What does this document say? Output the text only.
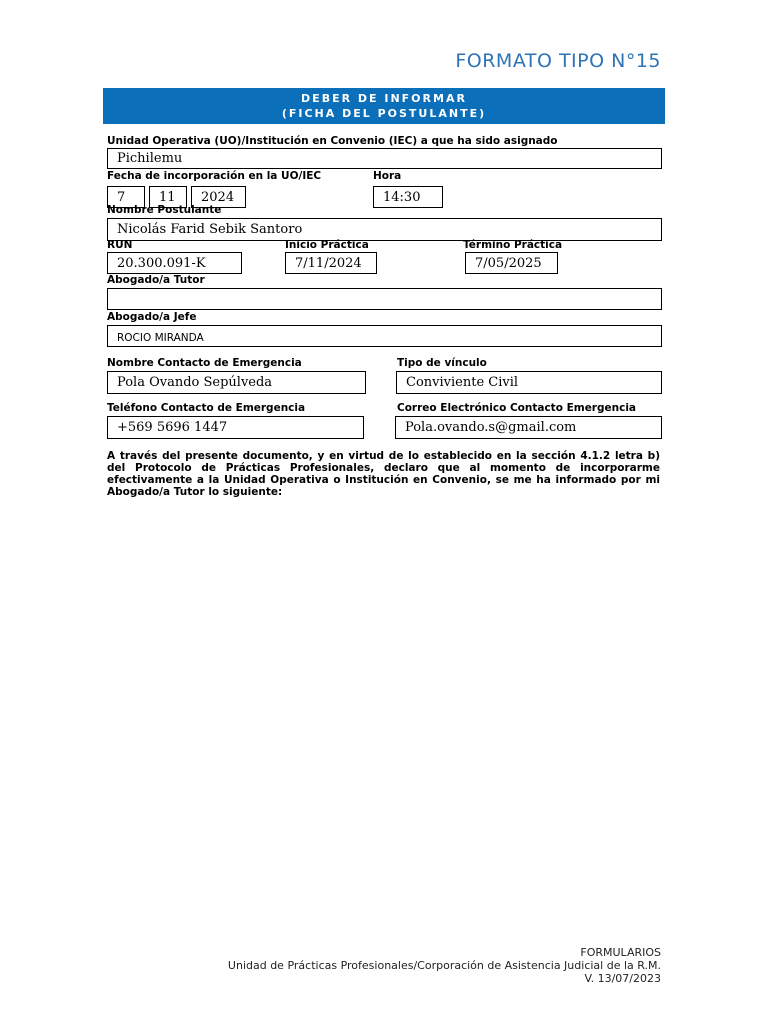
FORMATO TIPO N°15
DEBER DE INFORMAR
(FICHA DEL POSTULANTE)
Unidad Operativa (UO)/Institución en Convenio (IEC) a que ha sido asignado
Pichilemu
Fecha de incorporación en la UO/IEC	Hora
7	11	2024	14:30
Nombre Postulante
Nicolás Farid Sebik Santoro
RUN	Inicio Práctica	Término Práctica
20.300.091-K	7/11/2024	7/05/2025
Abogado/a Tutor
Abogado/a Jefe
ROCIO MIRANDA
Nombre Contacto de Emergencia	Tipo de vínculo
Pola Ovando Sepúlveda	Conviviente Civil
Teléfono Contacto de Emergencia	Correo Electrónico Contacto Emergencia
+569 5696 1447	Pola.ovando.s@gmail.com
A través del presente documento, y en virtud de lo establecido en la sección 4.1.2 letra b) del Protocolo de Prácticas Profesionales, declaro que al momento de incorporarme efectivamente a la Unidad Operativa o Institución en Convenio, se me ha informado por mi Abogado/a Tutor lo siguiente:
FORMULARIOS
Unidad de Prácticas Profesionales/Corporación de Asistencia Judicial de la R.M.
V. 13/07/2023
